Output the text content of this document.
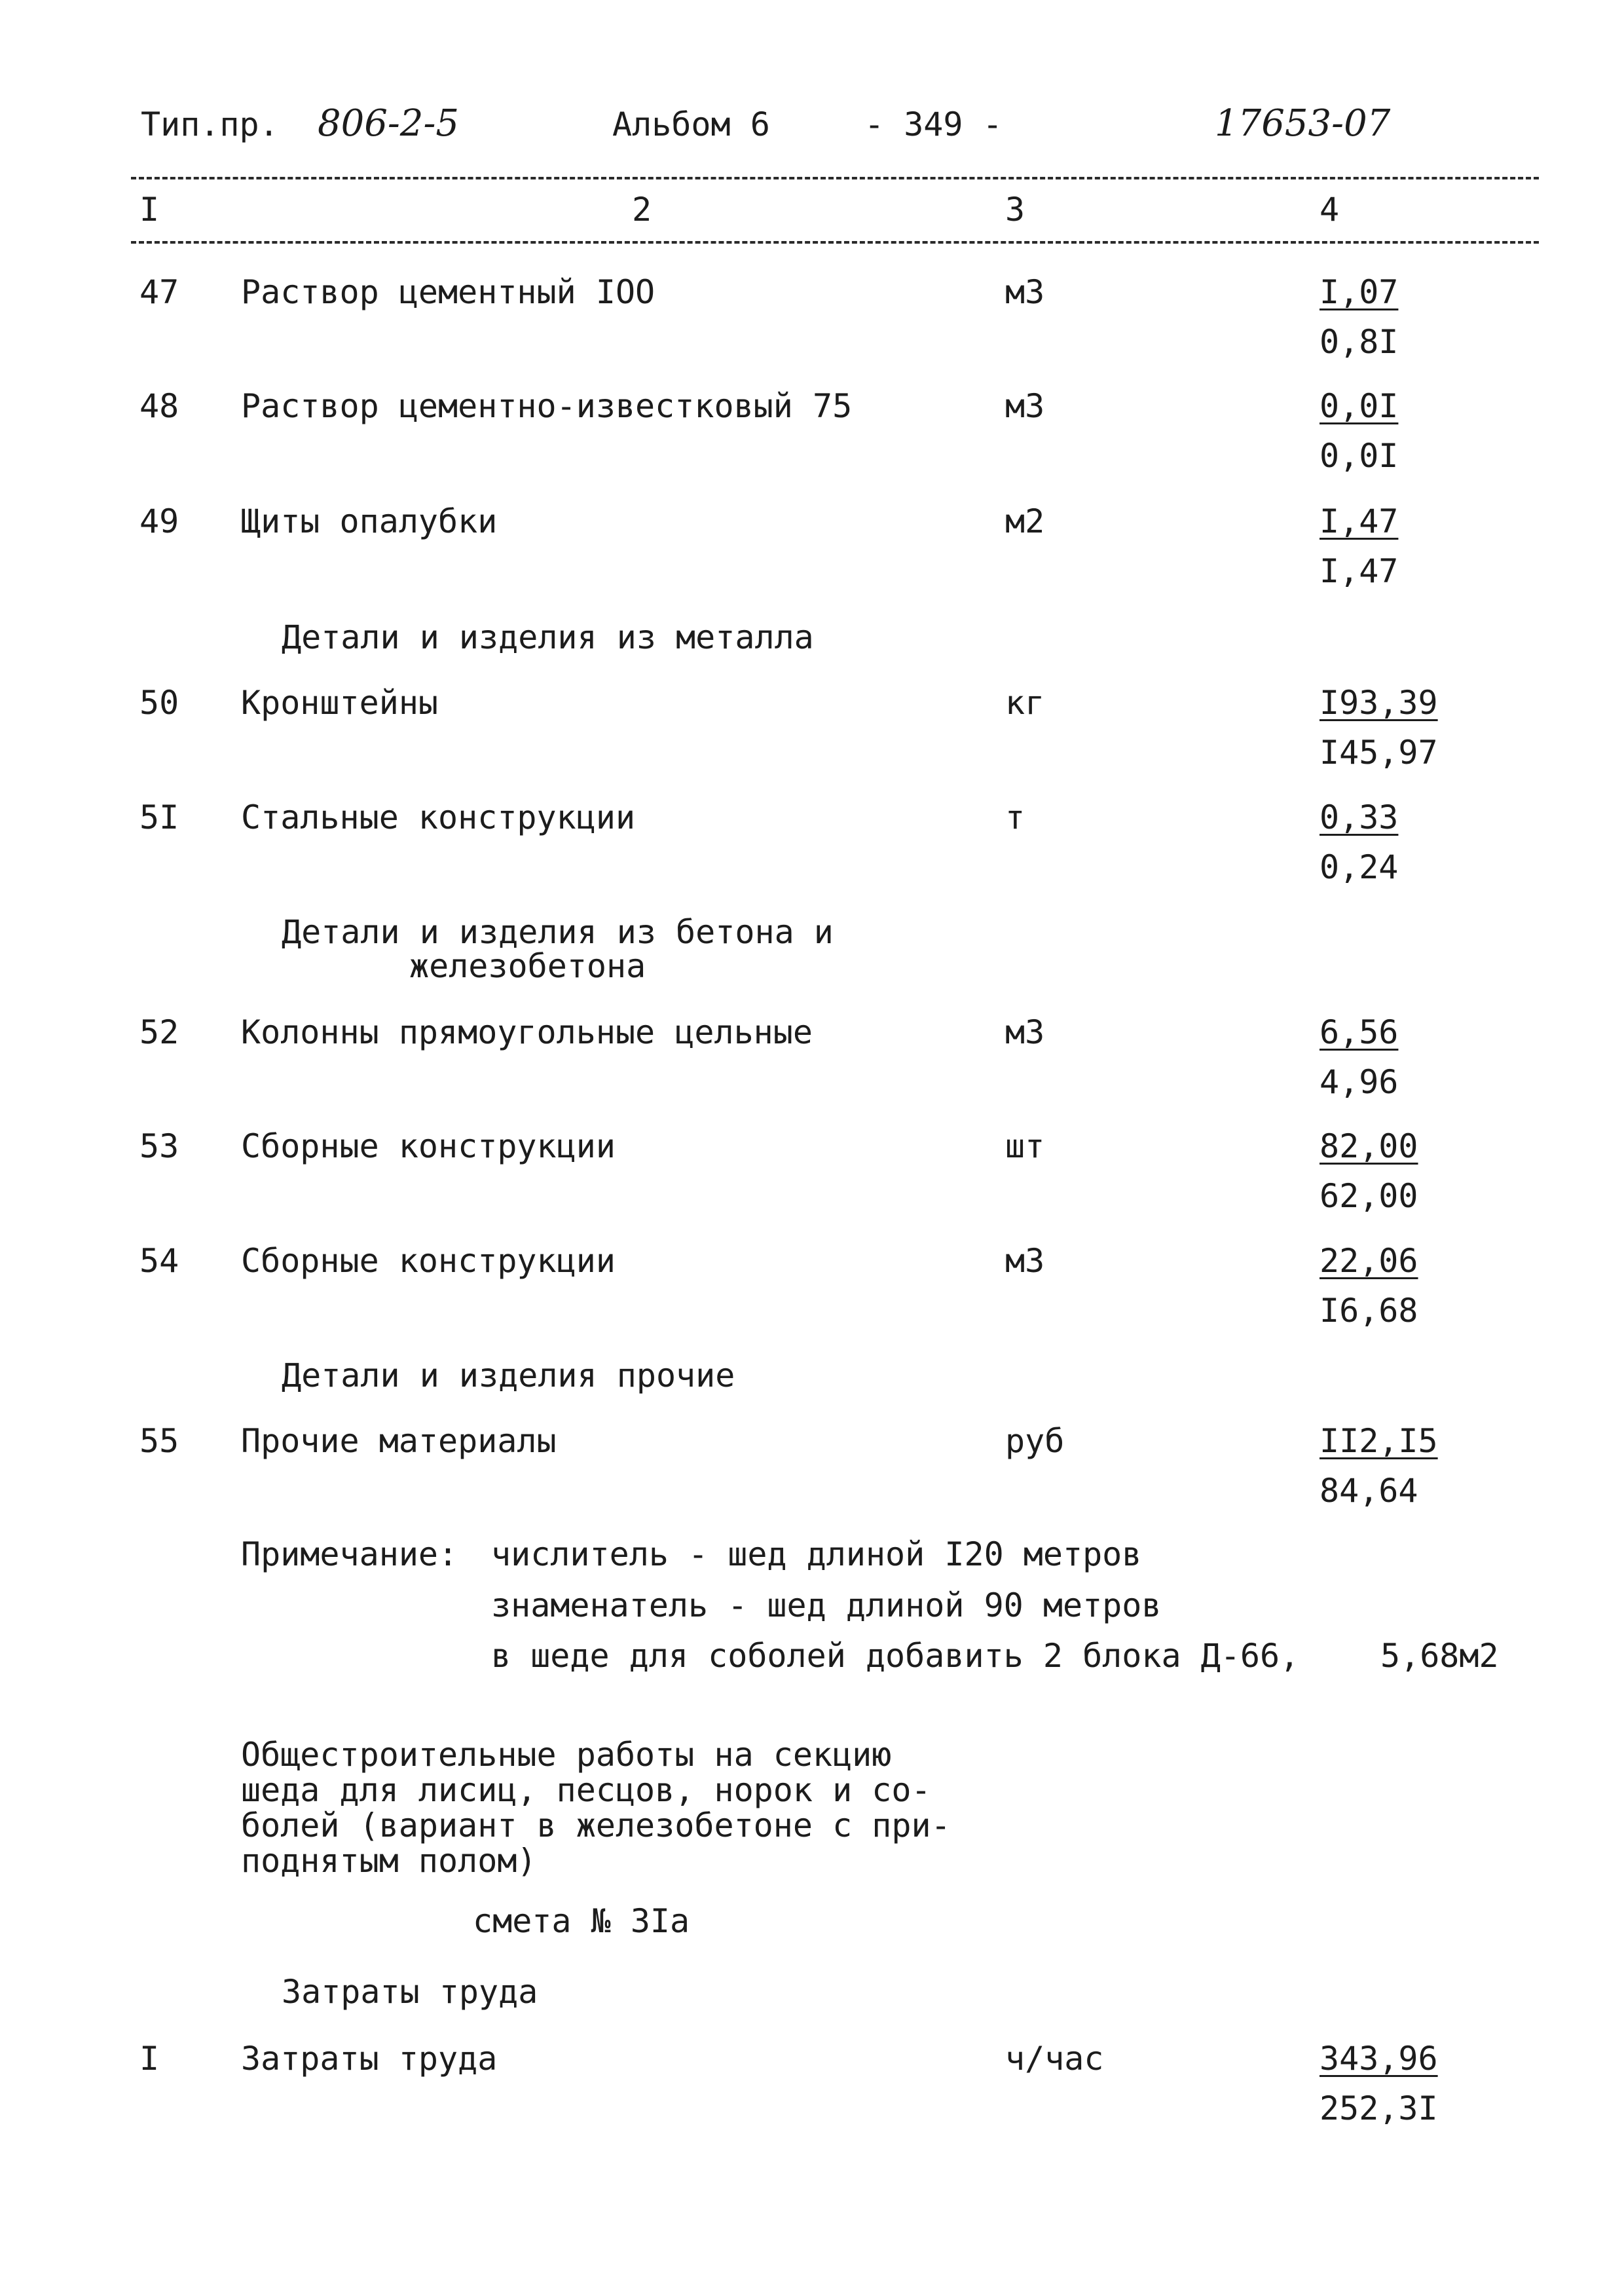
Тип.пр. 806-2-5	Альбом 6	- 349 -	17653-07
I	2	3	4
47 Раствор цементный IOO	м3	I,07
0,8I
48 Раствор цементно-известковый 75	м3	0,0I
0,0I
49 Щиты опалубки	м2	I,47
I,47
Детали и изделия из металла
50 Кронштейны	кг	I93,39
I45,97
5I Стальные конструкции	т	0,33
0,24
Детали и изделия из бетона и
железобетона
52 Колонны прямоугольные цельные	м3	6,56
4,96
53 Сборные конструкции	шт	82,00
62,00
54 Сборные конструкции	м3	22,06
I6,68
Детали и изделия прочие
55 Прочие материалы	руб	II2,I5
84,64
Примечание: числитель - шед длиной I20 метров
знаменатель - шед длиной 90 метров
в шеде для соболей добавить 2 блока Д-66, 5,68м2
Общестроительные работы на секцию
шеда для лисиц, песцов, норок и со-
болей (вариант в железобетоне с при-
поднятым полом)
смета № 3Iа
Затраты труда
I Затраты труда	ч/час	343,96
252,3I
